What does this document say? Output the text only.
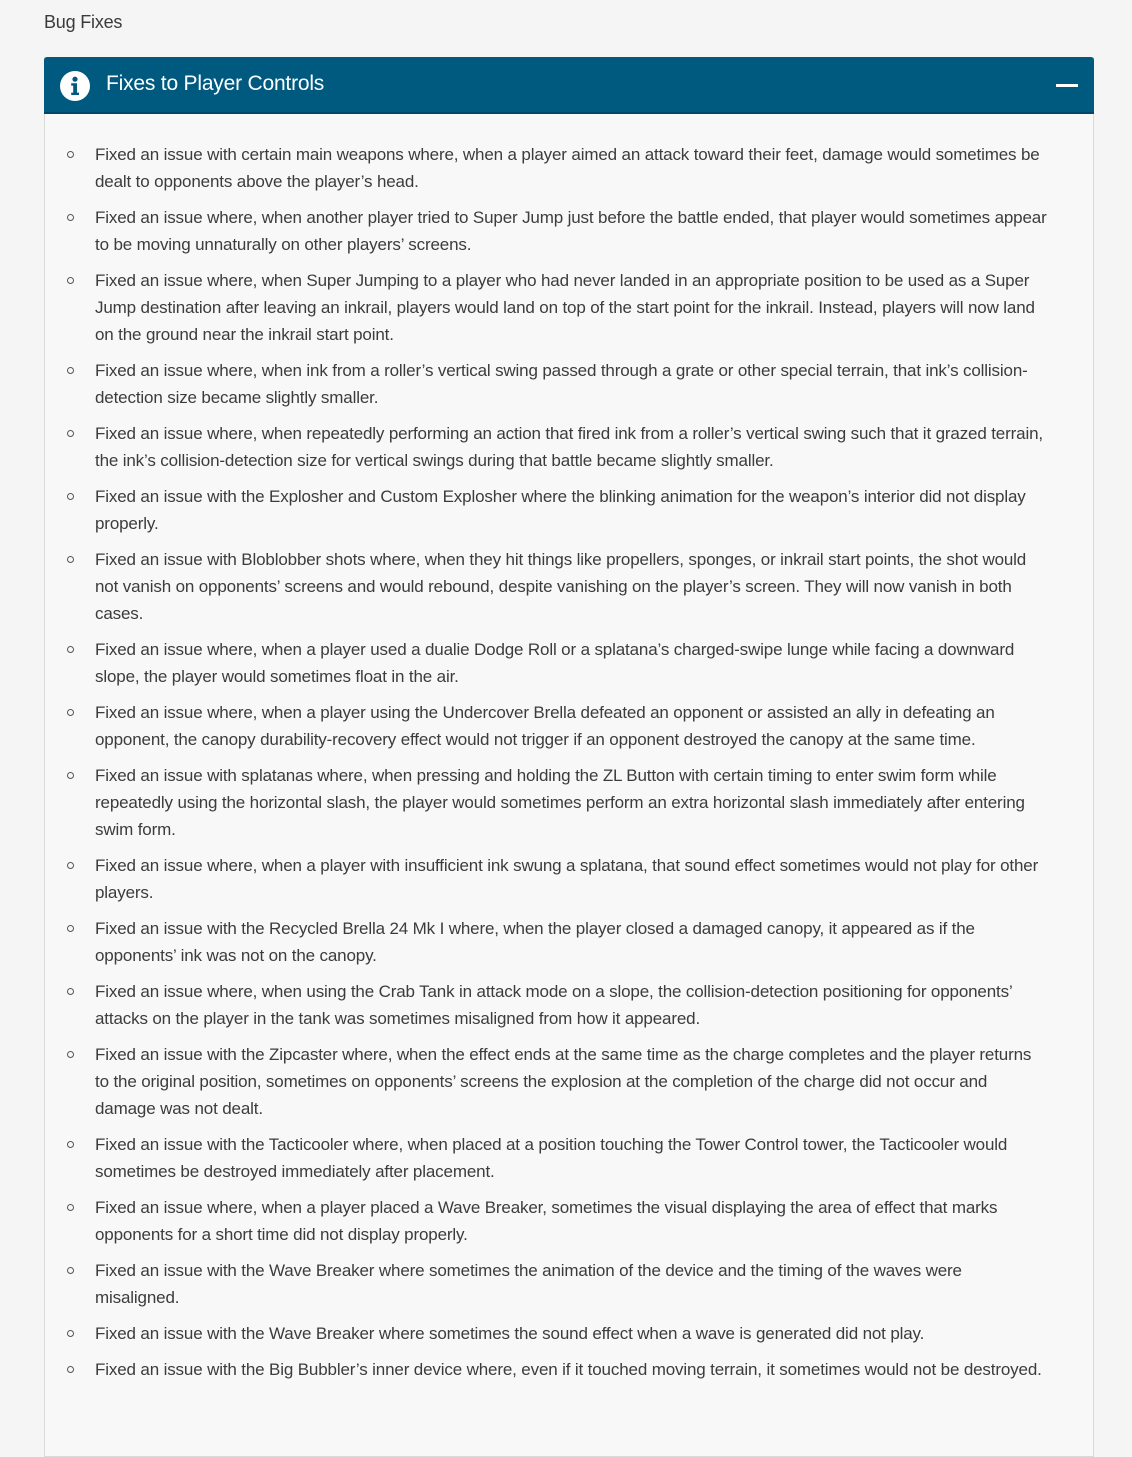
Bug Fixes
Fixes to Player Controls
Fixed an issue with certain main weapons where, when a player aimed an attack toward their feet, damage would sometimes be dealt to opponents above the player’s head.
Fixed an issue where, when another player tried to Super Jump just before the battle ended, that player would sometimes appear to be moving unnaturally on other players’ screens.
Fixed an issue where, when Super Jumping to a player who had never landed in an appropriate position to be used as a Super Jump destination after leaving an inkrail, players would land on top of the start point for the inkrail. Instead, players will now land on the ground near the inkrail start point.
Fixed an issue where, when ink from a roller’s vertical swing passed through a grate or other special terrain, that ink’s collision-detection size became slightly smaller.
Fixed an issue where, when repeatedly performing an action that fired ink from a roller’s vertical swing such that it grazed terrain, the ink’s collision-detection size for vertical swings during that battle became slightly smaller.
Fixed an issue with the Explosher and Custom Explosher where the blinking animation for the weapon’s interior did not display properly.
Fixed an issue with Bloblobber shots where, when they hit things like propellers, sponges, or inkrail start points, the shot would not vanish on opponents’ screens and would rebound, despite vanishing on the player’s screen. They will now vanish in both cases.
Fixed an issue where, when a player used a dualie Dodge Roll or a splatana’s charged-swipe lunge while facing a downward slope, the player would sometimes float in the air.
Fixed an issue where, when a player using the Undercover Brella defeated an opponent or assisted an ally in defeating an opponent, the canopy durability-recovery effect would not trigger if an opponent destroyed the canopy at the same time.
Fixed an issue with splatanas where, when pressing and holding the ZL Button with certain timing to enter swim form while repeatedly using the horizontal slash, the player would sometimes perform an extra horizontal slash immediately after entering swim form.
Fixed an issue where, when a player with insufficient ink swung a splatana, that sound effect sometimes would not play for other players.
Fixed an issue with the Recycled Brella 24 Mk I where, when the player closed a damaged canopy, it appeared as if the opponents’ ink was not on the canopy.
Fixed an issue where, when using the Crab Tank in attack mode on a slope, the collision-detection positioning for opponents’ attacks on the player in the tank was sometimes misaligned from how it appeared.
Fixed an issue with the Zipcaster where, when the effect ends at the same time as the charge completes and the player returns to the original position, sometimes on opponents’ screens the explosion at the completion of the charge did not occur and damage was not dealt.
Fixed an issue with the Tacticooler where, when placed at a position touching the Tower Control tower, the Tacticooler would sometimes be destroyed immediately after placement.
Fixed an issue where, when a player placed a Wave Breaker, sometimes the visual displaying the area of effect that marks opponents for a short time did not display properly.
Fixed an issue with the Wave Breaker where sometimes the animation of the device and the timing of the waves were misaligned.
Fixed an issue with the Wave Breaker where sometimes the sound effect when a wave is generated did not play.
Fixed an issue with the Big Bubbler’s inner device where, even if it touched moving terrain, it sometimes would not be destroyed.
